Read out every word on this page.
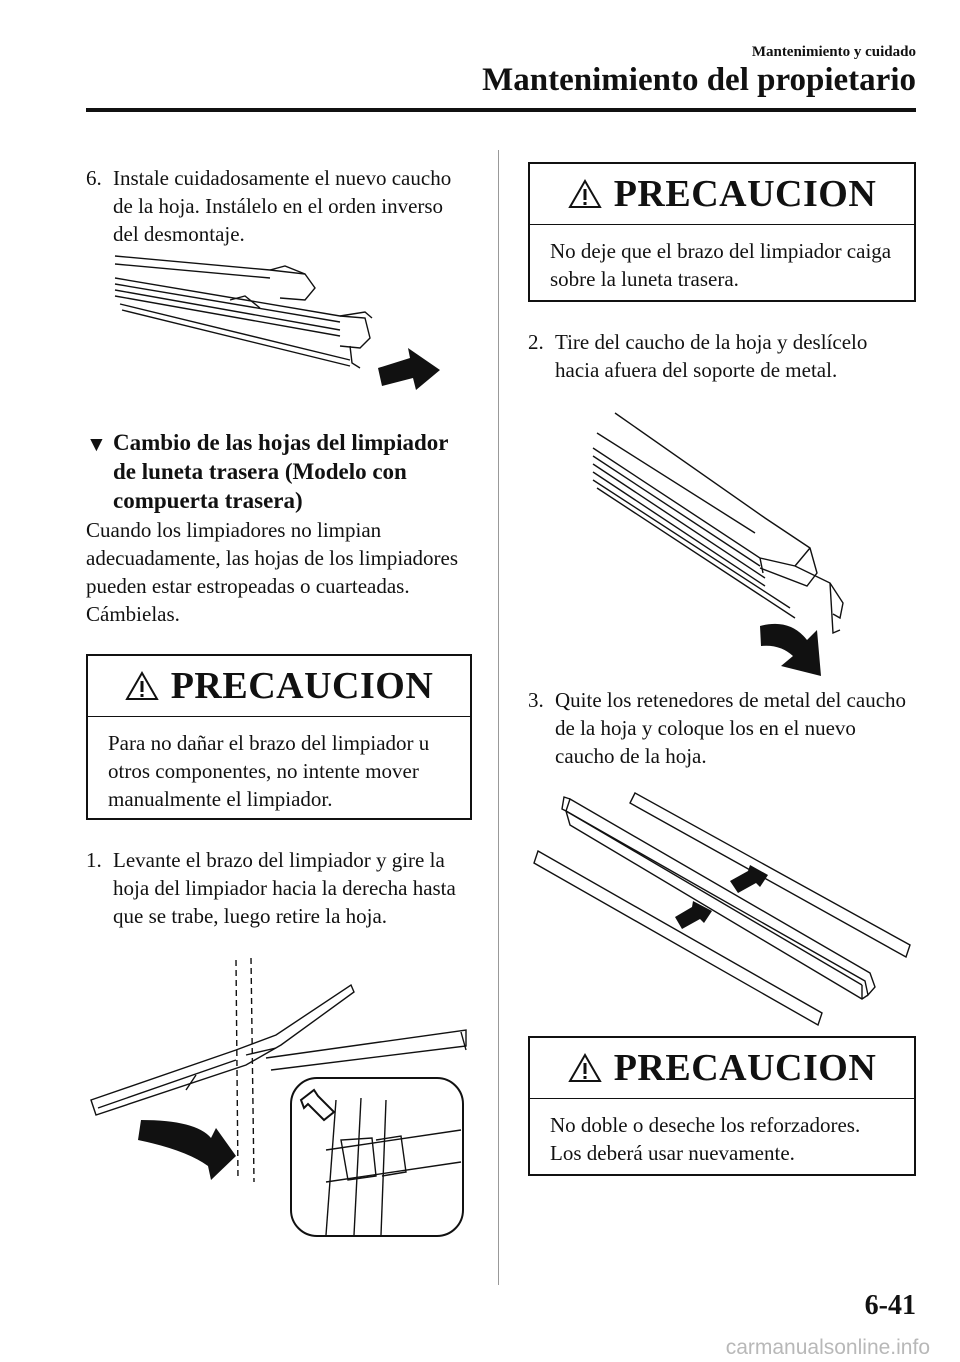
Mantenimiento y cuidado
Mantenimiento del propietario
6. Instale cuidadosamente el nuevo caucho de la hoja. Instálelo en el orden inverso del desmontaje.
▼ Cambio de las hojas del limpiador de luneta trasera (Modelo con compuerta trasera)
Cuando los limpiadores no limpian adecuadamente, las hojas de los limpiadores pueden estar estropeadas o cuarteadas.
Cámbielas.
PRECAUCION
Para no dañar el brazo del limpiador u otros componentes, no intente mover manualmente el limpiador.
1. Levante el brazo del limpiador y gire la hoja del limpiador hacia la derecha hasta que se trabe, luego retire la hoja.
PRECAUCION
No deje que el brazo del limpiador caiga sobre la luneta trasera.
2. Tire del caucho de la hoja y deslícelo hacia afuera del soporte de metal.
3. Quite los retenedores de metal del caucho de la hoja y coloque los en el nuevo caucho de la hoja.
PRECAUCION
No doble o deseche los reforzadores. Los deberá usar nuevamente.
6-41
carmanualsonline.info
